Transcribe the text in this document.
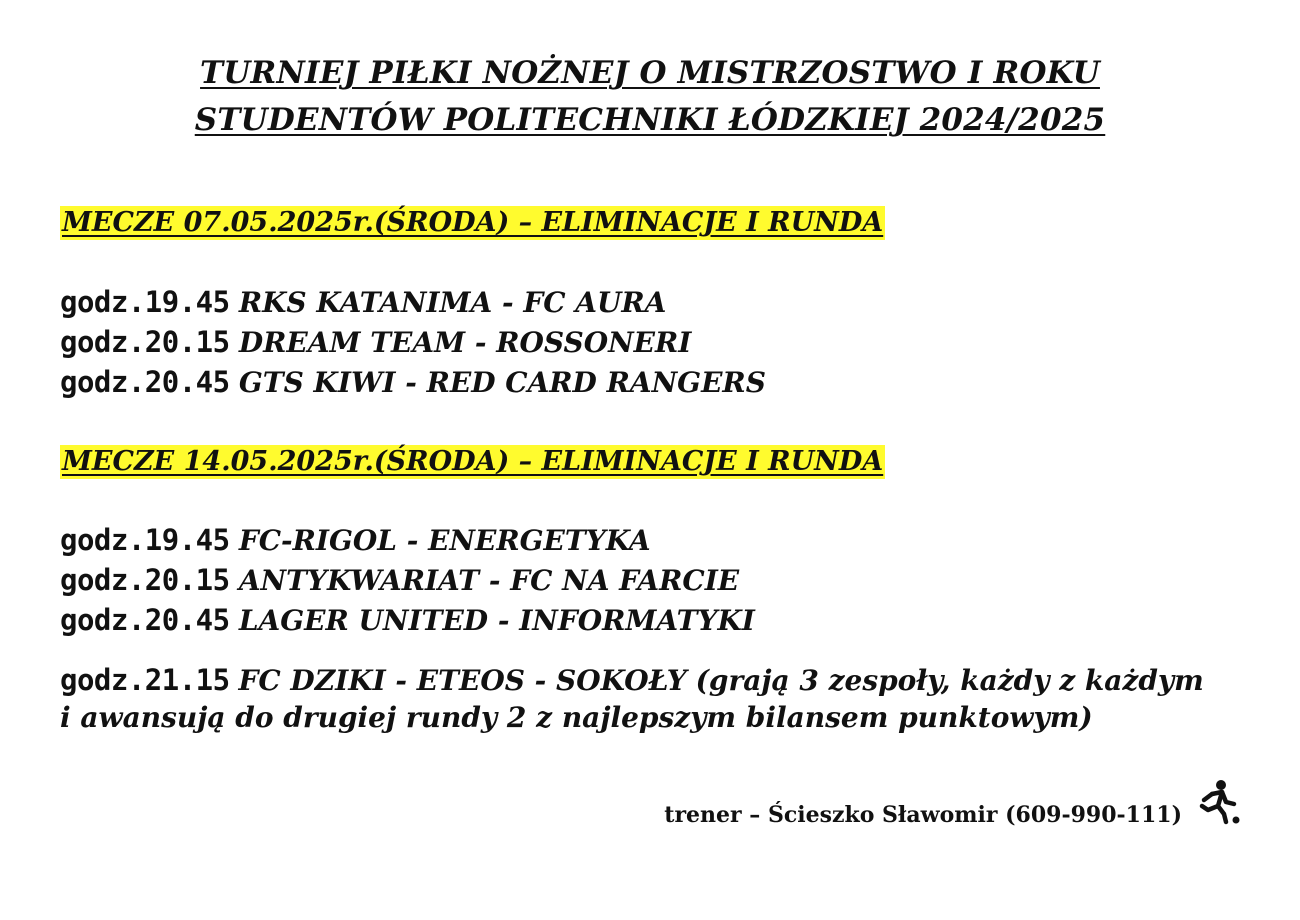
TURNIEJ PIŁKI NOŻNEJ O MISTRZOSTWO I ROKU
STUDENTÓW POLITECHNIKI ŁÓDZKIEJ 2024/2025
MECZE 07.05.2025r.(ŚRODA) – ELIMINACJE I RUNDA
godz.19.45 RKS KATANIMA - FC AURA
godz.20.15 DREAM TEAM - ROSSONERI
godz.20.45 GTS KIWI - RED CARD RANGERS
MECZE 14.05.2025r.(ŚRODA) – ELIMINACJE I RUNDA
godz.19.45 FC-RIGOL - ENERGETYKA
godz.20.15 ANTYKWARIAT - FC NA FARCIE
godz.20.45 LAGER UNITED - INFORMATYKI
godz.21.15 FC DZIKI - ETEOS - SOKOŁY (grają 3 zespoły, każdy z każdym i awansują do drugiej rundy 2 z najlepszym bilansem punktowym)
trener – Ścieszko Sławomir (609-990-111)
